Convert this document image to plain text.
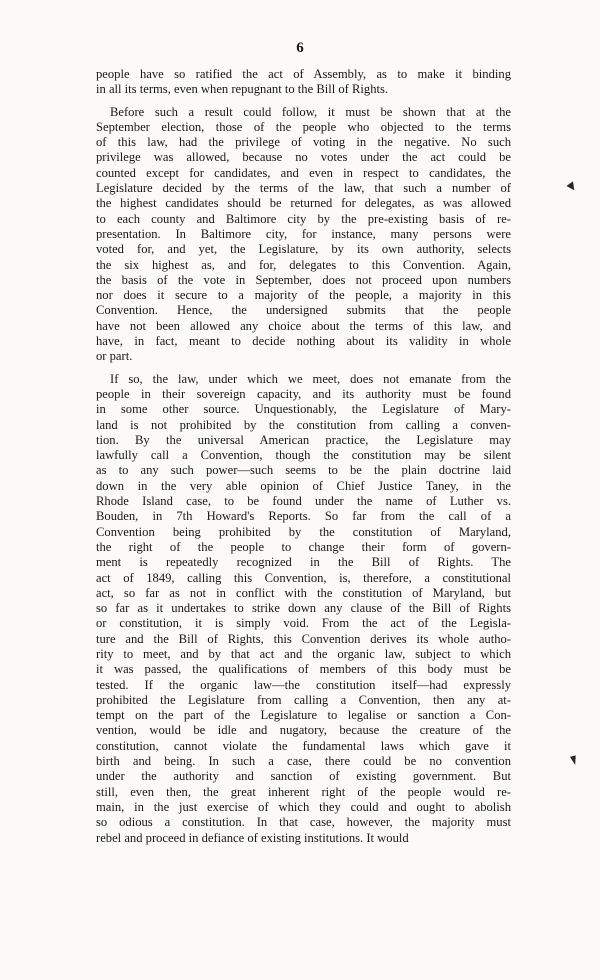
6
people have so ratified the act of Assembly, as to make it binding
in all its terms, even when repugnant to the Bill of Rights.
Before such a result could follow, it must be shown that at the
September election, those of the people who objected to the terms
of this law, had the privilege of voting in the negative. No such
privilege was allowed, because no votes under the act could be
counted except for candidates, and even in respect to candidates, the
Legislature decided by the terms of the law, that such a number of
the highest candidates should be returned for delegates, as was allowed
to each county and Baltimore city by the pre-existing basis of re-
presentation. In Baltimore city, for instance, many persons were
voted for, and yet, the Legislature, by its own authority, selects
the six highest as, and for, delegates to this Convention. Again,
the basis of the vote in September, does not proceed upon numbers
nor does it secure to a majority of the people, a majority in this
Convention. Hence, the undersigned submits that the people
have not been allowed any choice about the terms of this law, and
have, in fact, meant to decide nothing about its validity in whole
or part.
If so, the law, under which we meet, does not emanate from the
people in their sovereign capacity, and its authority must be found
in some other source. Unquestionably, the Legislature of Mary-
land is not prohibited by the constitution from calling a conven-
tion. By the universal American practice, the Legislature may
lawfully call a Convention, though the constitution may be silent
as to any such power—such seems to be the plain doctrine laid
down in the very able opinion of Chief Justice Taney, in the
Rhode Island case, to be found under the name of Luther vs.
Bouden, in 7th Howard's Reports. So far from the call of a
Convention being prohibited by the constitution of Maryland,
the right of the people to change their form of govern-
ment is repeatedly recognized in the Bill of Rights. The
act of 1849, calling this Convention, is, therefore, a constitutional
act, so far as not in conflict with the constitution of Maryland, but
so far as it undertakes to strike down any clause of the Bill of Rights
or constitution, it is simply void. From the act of the Legisla-
ture and the Bill of Rights, this Convention derives its whole autho-
rity to meet, and by that act and the organic law, subject to which
it was passed, the qualifications of members of this body must be
tested. If the organic law—the constitution itself—had expressly
prohibited the Legislature from calling a Convention, then any at-
tempt on the part of the Legislature to legalise or sanction a Con-
vention, would be idle and nugatory, because the creature of the
constitution, cannot violate the fundamental laws which gave it
birth and being. In such a case, there could be no convention
under the authority and sanction of existing government. But
still, even then, the great inherent right of the people would re-
main, in the just exercise of which they could and ought to abolish
so odious a constitution. In that case, however, the majority must
rebel and proceed in defiance of existing institutions. It would
